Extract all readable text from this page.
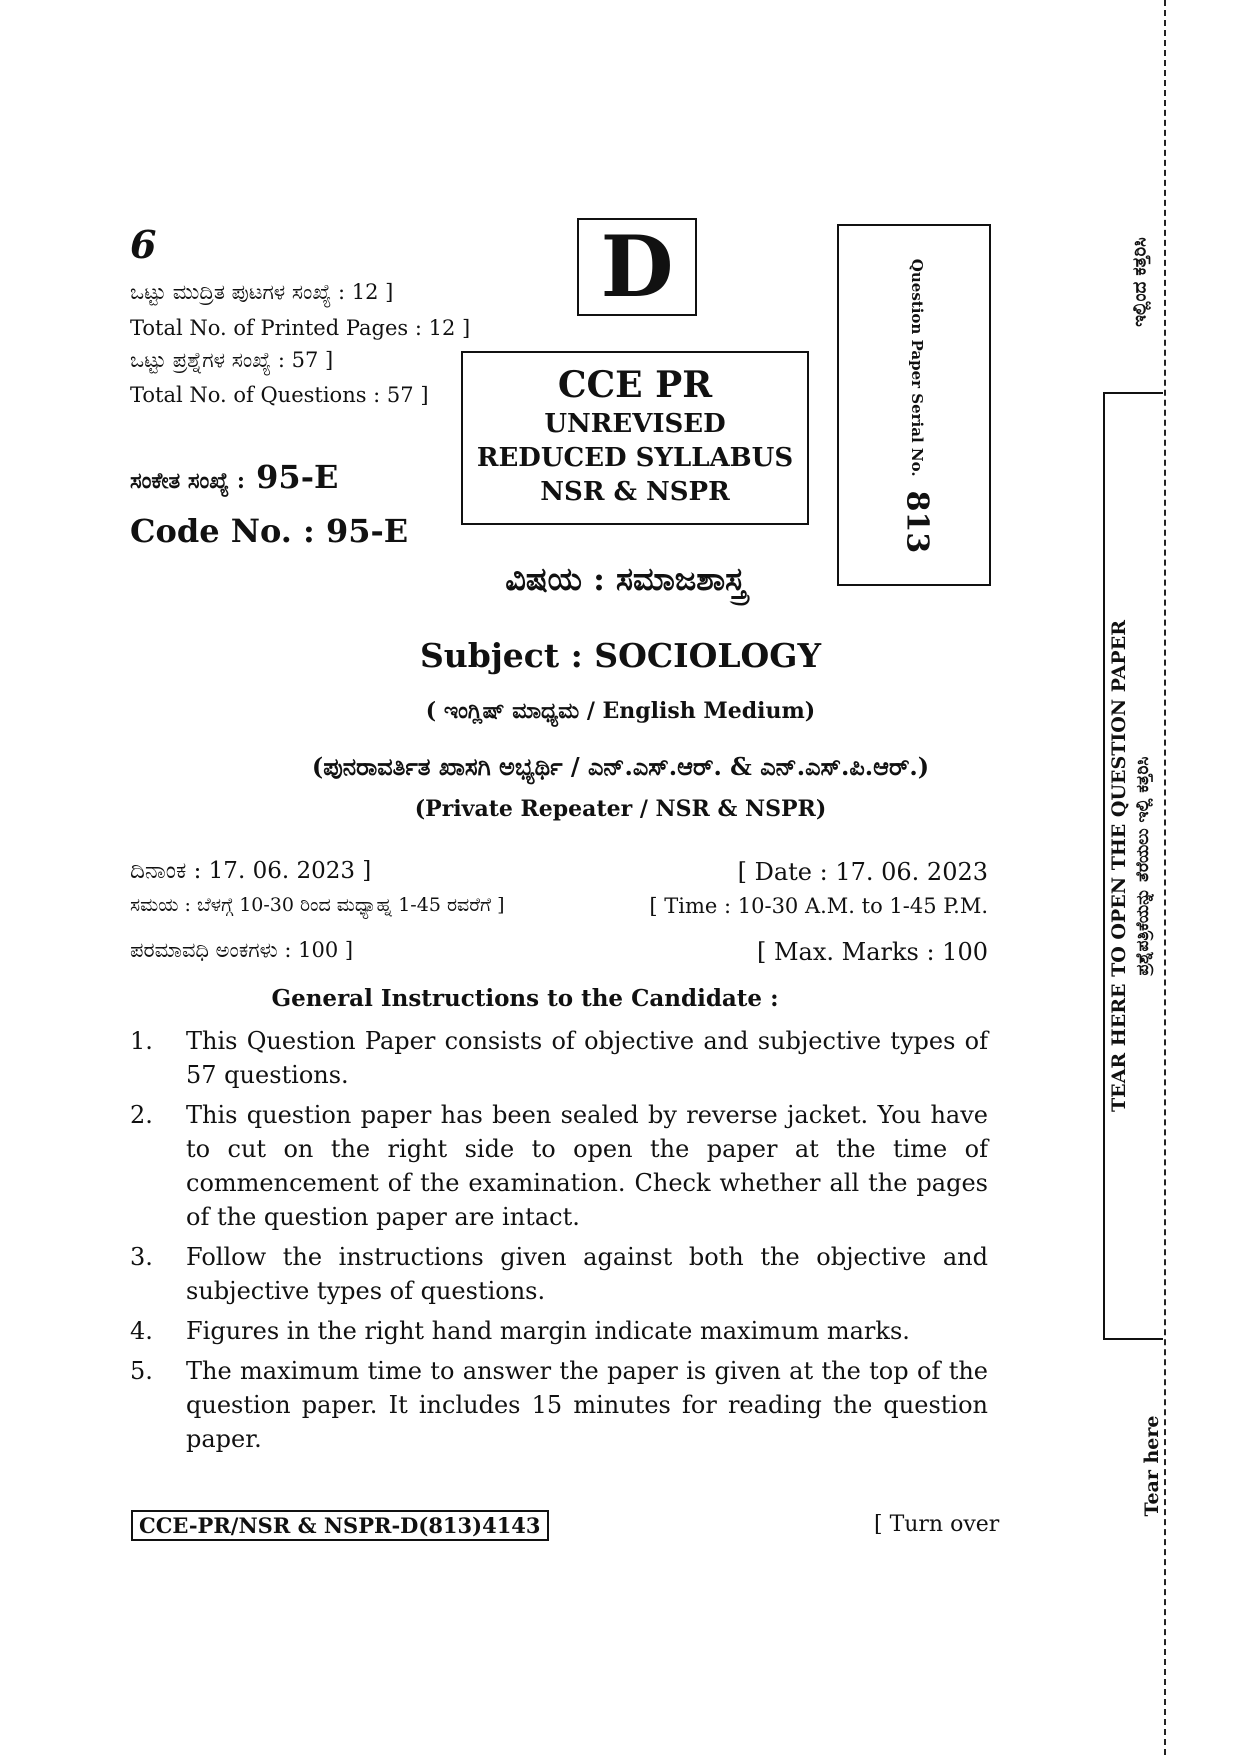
6
ಒಟ್ಟು ಮುದ್ರಿತ ಪುಟಗಳ ಸಂಖ್ಯೆ : 12 ]
Total No. of Printed Pages : 12 ]
ಒಟ್ಟು ಪ್ರಶ್ನೆಗಳ ಸಂಖ್ಯೆ : 57 ]
Total No. of Questions : 57 ]
ಸಂಕೇತ ಸಂಖ್ಯೆ : 95-E
Code No. : 95-E
D
CCE PR
UNREVISED
REDUCED SYLLABUS
NSR & NSPR
Question Paper Serial No.813
ವಿಷಯ : ಸಮಾಜಶಾಸ್ತ್ರ
Subject : SOCIOLOGY
( ಇಂಗ್ಲಿಷ್ ಮಾಧ್ಯಮ / English Medium)
(ಪುನರಾವರ್ತಿತ ಖಾಸಗಿ ಅಭ್ಯರ್ಥಿ / ಎನ್.ಎಸ್.ಆರ್. & ಎನ್.ಎಸ್.ಪಿ.ಆರ್.)
(Private Repeater / NSR & NSPR)
ದಿನಾಂಕ : 17. 06. 2023 ]	[ Date : 17. 06. 2023
ಸಮಯ : ಬೆಳಗ್ಗೆ 10-30 ರಿಂದ ಮಧ್ಯಾಹ್ನ 1-45 ರವರೆಗೆ ]	[ Time : 10-30 A.M. to 1-45 P.M.
ಪರಮಾವಧಿ ಅಂಕಗಳು : 100 ]	[ Max. Marks : 100
General Instructions to the Candidate :
1.	This Question Paper consists of objective and subjective types of 57 questions.
2.	This question paper has been sealed by reverse jacket. You have to cut on the right side to open the paper at the time of commencement of the examination. Check whether all the pages of the question paper are intact.
3.	Follow the instructions given against both the objective and subjective types of questions.
4.	Figures in the right hand margin indicate maximum marks.
5.	The maximum time to answer the paper is given at the top of the question paper. It includes 15 minutes for reading the question paper.
CCE-PR/NSR & NSPR-D(813)4143	[ Turn over
ಇಲ್ಲಿಂದ ಕತ್ತರಿಸಿ
TEAR HERE TO OPEN THE QUESTION PAPER ಪ್ರಶ್ನೆಪತ್ರಿಕೆಯನ್ನು ತೆರೆಯಲು ಇಲ್ಲಿ ಕತ್ತರಿಸಿ
Tear here
